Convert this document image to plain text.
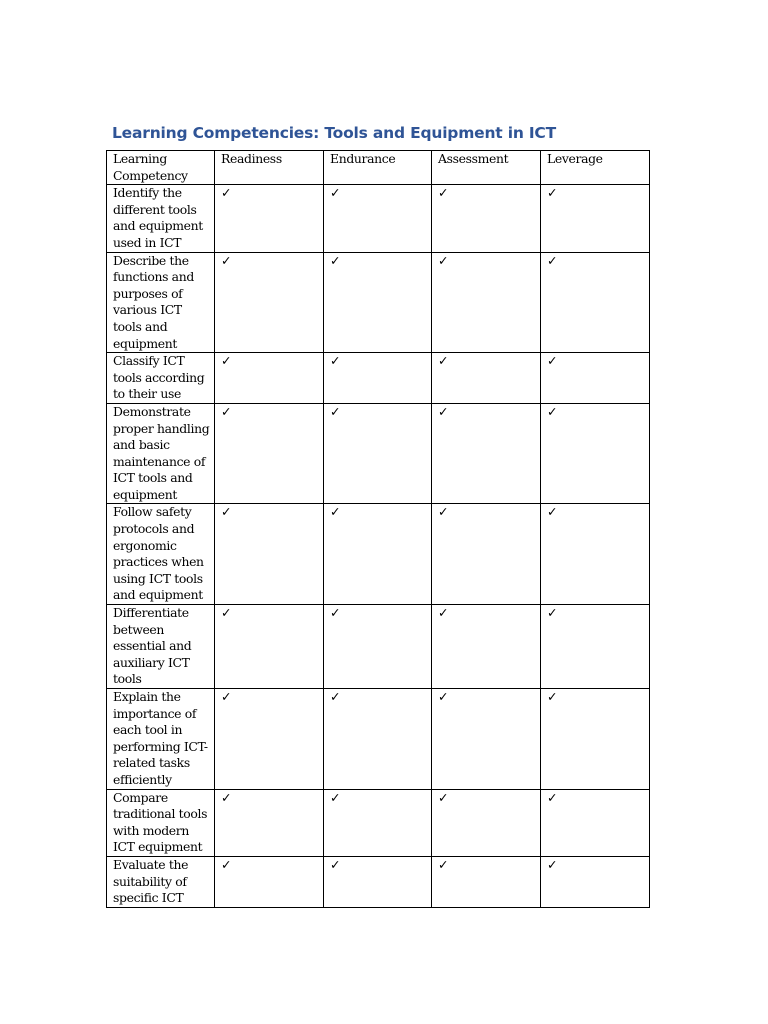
Learning Competencies: Tools and Equipment in ICT
Learning Competency	Readiness	Endurance	Assessment	Leverage
Identify the different tools and equipment used in ICT	✓	✓	✓	✓
Describe the functions and purposes of various ICT tools and equipment	✓	✓	✓	✓
Classify ICT tools according to their use	✓	✓	✓	✓
Demonstrate proper handling and basic maintenance of ICT tools and equipment	✓	✓	✓	✓
Follow safety protocols and ergonomic practices when using ICT tools and equipment	✓	✓	✓	✓
Differentiate between essential and auxiliary ICT tools	✓	✓	✓	✓
Explain the importance of each tool in performing ICT-related tasks efficiently	✓	✓	✓	✓
Compare traditional tools with modern ICT equipment	✓	✓	✓	✓
Evaluate the suitability of specific ICT	✓	✓	✓	✓
